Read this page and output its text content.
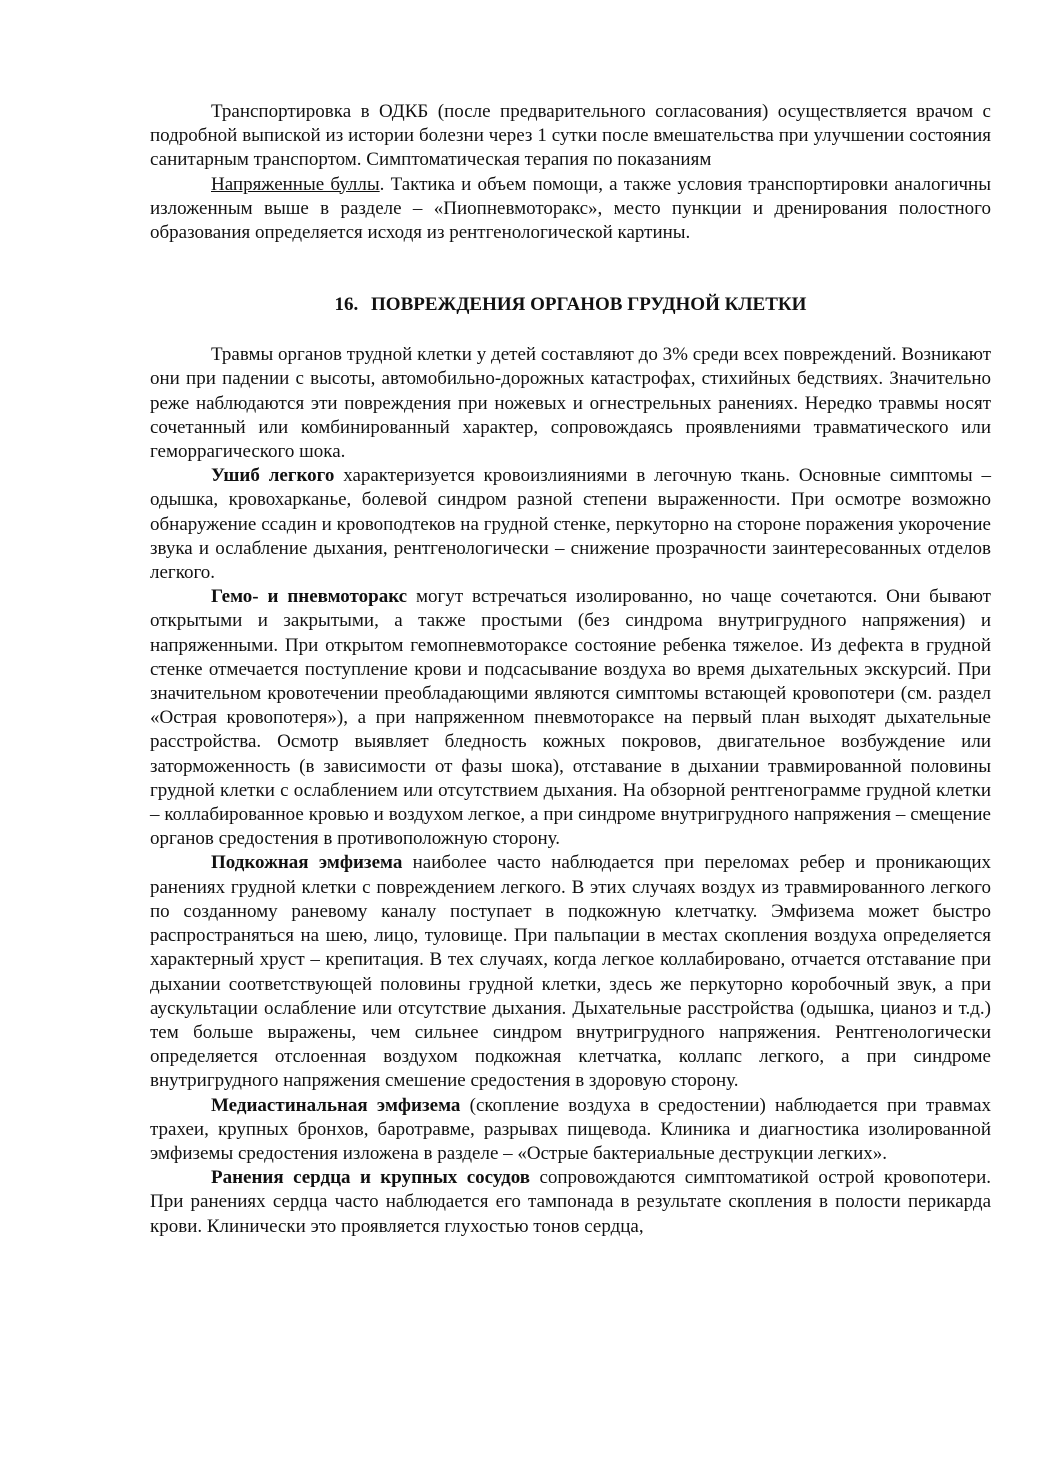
Транспортировка в ОДКБ (после предварительного согласования) осуществляется врачом с подробной выпиской из истории болезни через 1 сутки после вмешательства при улучшении состояния санитарным транспортом. Симптоматическая терапия по показаниям

Напряженные буллы. Тактика и объем помощи, а также условия транспортировки аналогичны изложенным выше в разделе – «Пиопневмоторакс», место пункции и дренирования полостного образования определяется исходя из рентгенологической картины.

16. ПОВРЕЖДЕНИЯ ОРГАНОВ ГРУДНОЙ КЛЕТКИ

Травмы органов трудной клетки у детей составляют до 3% среди всех повреждений. Возникают они при падении с высоты, автомобильно-дорожных катастрофах, стихийных бедствиях. Значительно реже наблюдаются эти повреждения при ножевых и огнестрельных ранениях. Нередко травмы носят сочетанный или комбинированный характер, сопровождаясь проявлениями травматического или геморрагического шока.

Ушиб легкого характеризуется кровоизлияниями в легочную ткань. Основные симптомы – одышка, кровохарканье, болевой синдром разной степени выраженности. При осмотре возможно обнаружение ссадин и кровоподтеков на грудной стенке, перкуторно на стороне поражения укорочение звука и ослабление дыхания, рентгенологически – снижение прозрачности заинтересованных отделов легкого.

Гемо- и пневмоторакс могут встречаться изолированно, но чаще сочетаются. Они бывают открытыми и закрытыми, а также простыми (без синдрома внутригрудного напряжения) и напряженными. При открытом гемопневмотораксе состояние ребенка тяжелое. Из дефекта в грудной стенке отмечается поступление крови и подсасывание воздуха во время дыхательных экскурсий. При значительном кровотечении преобладающими являются симптомы встающей кровопотери (см. раздел «Острая кровопотеря»), а при напряженном пневмотораксе на первый план выходят дыхательные расстройства. Осмотр выявляет бледность кожных покровов, двигательное возбуждение или заторможенность (в зависимости от фазы шока), отставание в дыхании травмированной половины грудной клетки с ослаблением или отсутствием дыхания. На обзорной рентгенограмме грудной клетки – коллабированное кровью и воздухом легкое, а при синдроме внутригрудного напряжения – смещение органов средостения в противоположную сторону.

Подкожная эмфизема наиболее часто наблюдается при переломах ребер и проникающих ранениях грудной клетки с повреждением легкого. В этих случаях воздух из травмированного легкого по созданному раневому каналу поступает в подкожную клетчатку. Эмфизема может быстро распространяться на шею, лицо, туловище. При пальпации в местах скопления воздуха определяется характерный хруст – крепитация. В тех случаях, когда легкое коллабировано, отчается отставание при дыхании соответствующей половины грудной клетки, здесь же перкуторно коробочный звук, а при аускультации ослабление или отсутствие дыхания. Дыхательные расстройства (одышка, цианоз и т.д.) тем больше выражены, чем сильнее синдром внутригрудного напряжения. Рентгенологически определяется отслоенная воздухом подкожная клетчатка, коллапс легкого, а при синдроме внутригрудного напряжения смешение средостения в здоровую сторону.

Медиастинальная эмфизема (скопление воздуха в средостении) наблюдается при травмах трахеи, крупных бронхов, баротравме, разрывах пищевода. Клиника и диагностика изолированной эмфиземы средостения изложена в разделе – «Острые бактериальные деструкции легких».

Ранения сердца и крупных сосудов сопровождаются симптоматикой острой кровопотери. При ранениях сердца часто наблюдается его тампонада в результате скопления в полости перикарда крови. Клинически это проявляется глухостью тонов сердца,
